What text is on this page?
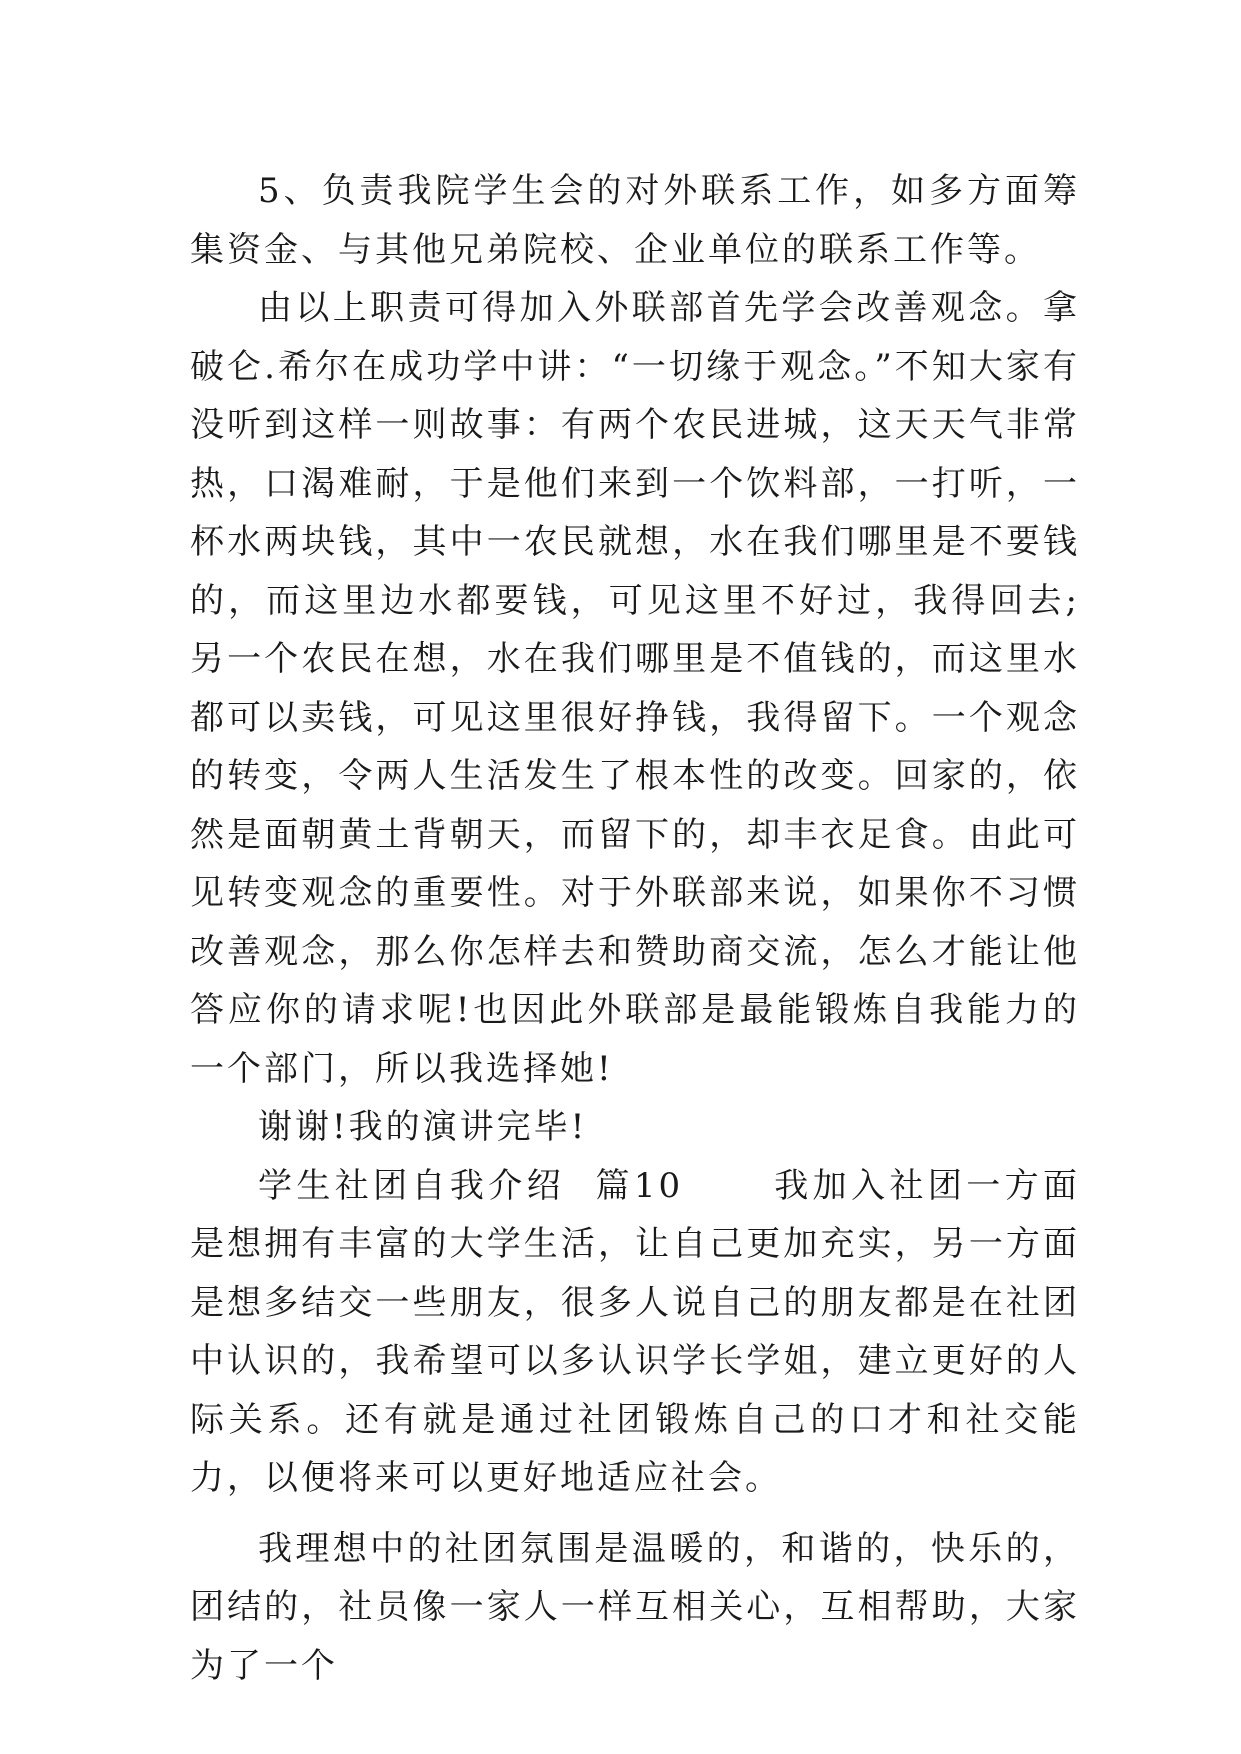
5、负责我院学生会的对外联系工作，如多方面筹集资金、与其他兄弟院校、企业单位的联系工作等。

由以上职责可得加入外联部首先学会改善观念。拿破仑.希尔在成功学中讲：“一切缘于观念。”不知大家有没听到这样一则故事：有两个农民进城，这天天气非常热，口渴难耐，于是他们来到一个饮料部，一打听，一杯水两块钱，其中一农民就想，水在我们哪里是不要钱的，而这里边水都要钱，可见这里不好过，我得回去;另一个农民在想，水在我们哪里是不值钱的，而这里水都可以卖钱，可见这里很好挣钱，我得留下。一个观念的转变，令两人生活发生了根本性的改变。回家的，依然是面朝黄土背朝天，而留下的，却丰衣足食。由此可见转变观念的重要性。对于外联部来说，如果你不习惯改善观念，那么你怎样去和赞助商交流，怎么才能让他答应你的请求呢!也因此外联部是最能锻炼自我能力的一个部门，所以我选择她!

谢谢!我的演讲完毕!

学生社团自我介绍  篇10	我加入社团一方面是想拥有丰富的大学生活，让自己更加充实，另一方面是想多结交一些朋友，很多人说自己的朋友都是在社团中认识的，我希望可以多认识学长学姐，建立更好的人际关系。还有就是通过社团锻炼自己的口才和社交能力，以便将来可以更好地适应社会。

我理想中的社团氛围是温暖的，和谐的，快乐的，团结的，社员像一家人一样互相关心，互相帮助，大家为了一个
